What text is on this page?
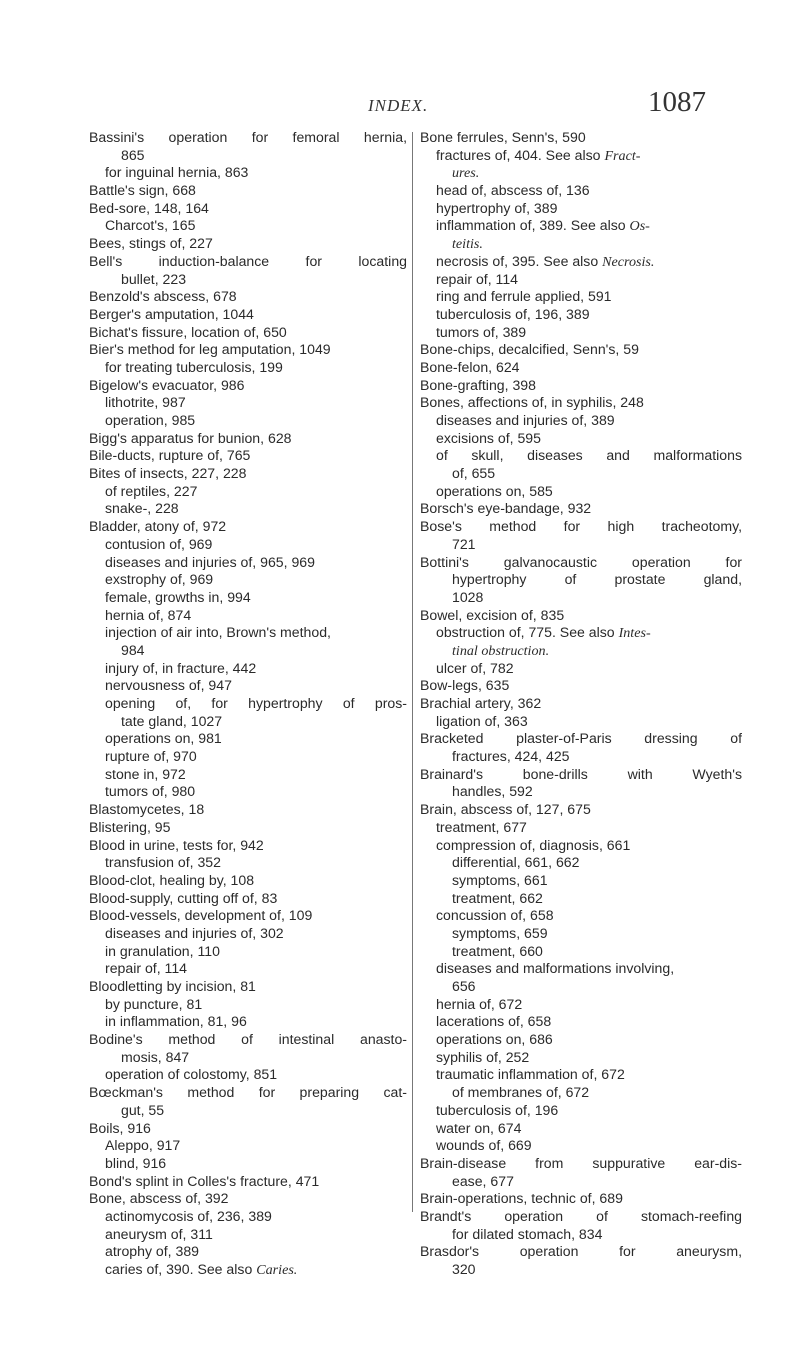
INDEX.	1087
Bassini's operation for femoral hernia,
865
for inguinal hernia, 863
Battle's sign, 668
Bed-sore, 148, 164
Charcot's, 165
Bees, stings of, 227
Bell's induction-balance for locating
bullet, 223
Benzold's abscess, 678
Berger's amputation, 1044
Bichat's fissure, location of, 650
Bier's method for leg amputation, 1049
for treating tuberculosis, 199
Bigelow's evacuator, 986
lithotrite, 987
operation, 985
Bigg's apparatus for bunion, 628
Bile-ducts, rupture of, 765
Bites of insects, 227, 228
of reptiles, 227
snake-, 228
Bladder, atony of, 972
contusion of, 969
diseases and injuries of, 965, 969
exstrophy of, 969
female, growths in, 994
hernia of, 874
injection of air into, Brown's method,
984
injury of, in fracture, 442
nervousness of, 947
opening of, for hypertrophy of pros-
tate gland, 1027
operations on, 981
rupture of, 970
stone in, 972
tumors of, 980
Blastomycetes, 18
Blistering, 95
Blood in urine, tests for, 942
transfusion of, 352
Blood-clot, healing by, 108
Blood-supply, cutting off of, 83
Blood-vessels, development of, 109
diseases and injuries of, 302
in granulation, 110
repair of, 114
Bloodletting by incision, 81
by puncture, 81
in inflammation, 81, 96
Bodine's method of intestinal anasto-
mosis, 847
operation of colostomy, 851
Bœckman's method for preparing cat-
gut, 55
Boils, 916
Aleppo, 917
blind, 916
Bond's splint in Colles's fracture, 471
Bone, abscess of, 392
actinomycosis of, 236, 389
aneurysm of, 311
atrophy of, 389
caries of, 390. See also Caries.
Bone ferrules, Senn's, 590
fractures of, 404. See also Fract-
ures.
head of, abscess of, 136
hypertrophy of, 389
inflammation of, 389. See also Os-
teitis.
necrosis of, 395. See also Necrosis.
repair of, 114
ring and ferrule applied, 591
tuberculosis of, 196, 389
tumors of, 389
Bone-chips, decalcified, Senn's, 59
Bone-felon, 624
Bone-grafting, 398
Bones, affections of, in syphilis, 248
diseases and injuries of, 389
excisions of, 595
of skull, diseases and malformations
of, 655
operations on, 585
Borsch's eye-bandage, 932
Bose's method for high tracheotomy,
721
Bottini's galvanocaustic operation for
hypertrophy of prostate gland,
1028
Bowel, excision of, 835
obstruction of, 775. See also Intes-
tinal obstruction.
ulcer of, 782
Bow-legs, 635
Brachial artery, 362
ligation of, 363
Bracketed plaster-of-Paris dressing of
fractures, 424, 425
Brainard's bone-drills with Wyeth's
handles, 592
Brain, abscess of, 127, 675
treatment, 677
compression of, diagnosis, 661
differential, 661, 662
symptoms, 661
treatment, 662
concussion of, 658
symptoms, 659
treatment, 660
diseases and malformations involving,
656
hernia of, 672
lacerations of, 658
operations on, 686
syphilis of, 252
traumatic inflammation of, 672
of membranes of, 672
tuberculosis of, 196
water on, 674
wounds of, 669
Brain-disease from suppurative ear-dis-
ease, 677
Brain-operations, technic of, 689
Brandt's operation of stomach-reefing
for dilated stomach, 834
Brasdor's operation for aneurysm,
320
